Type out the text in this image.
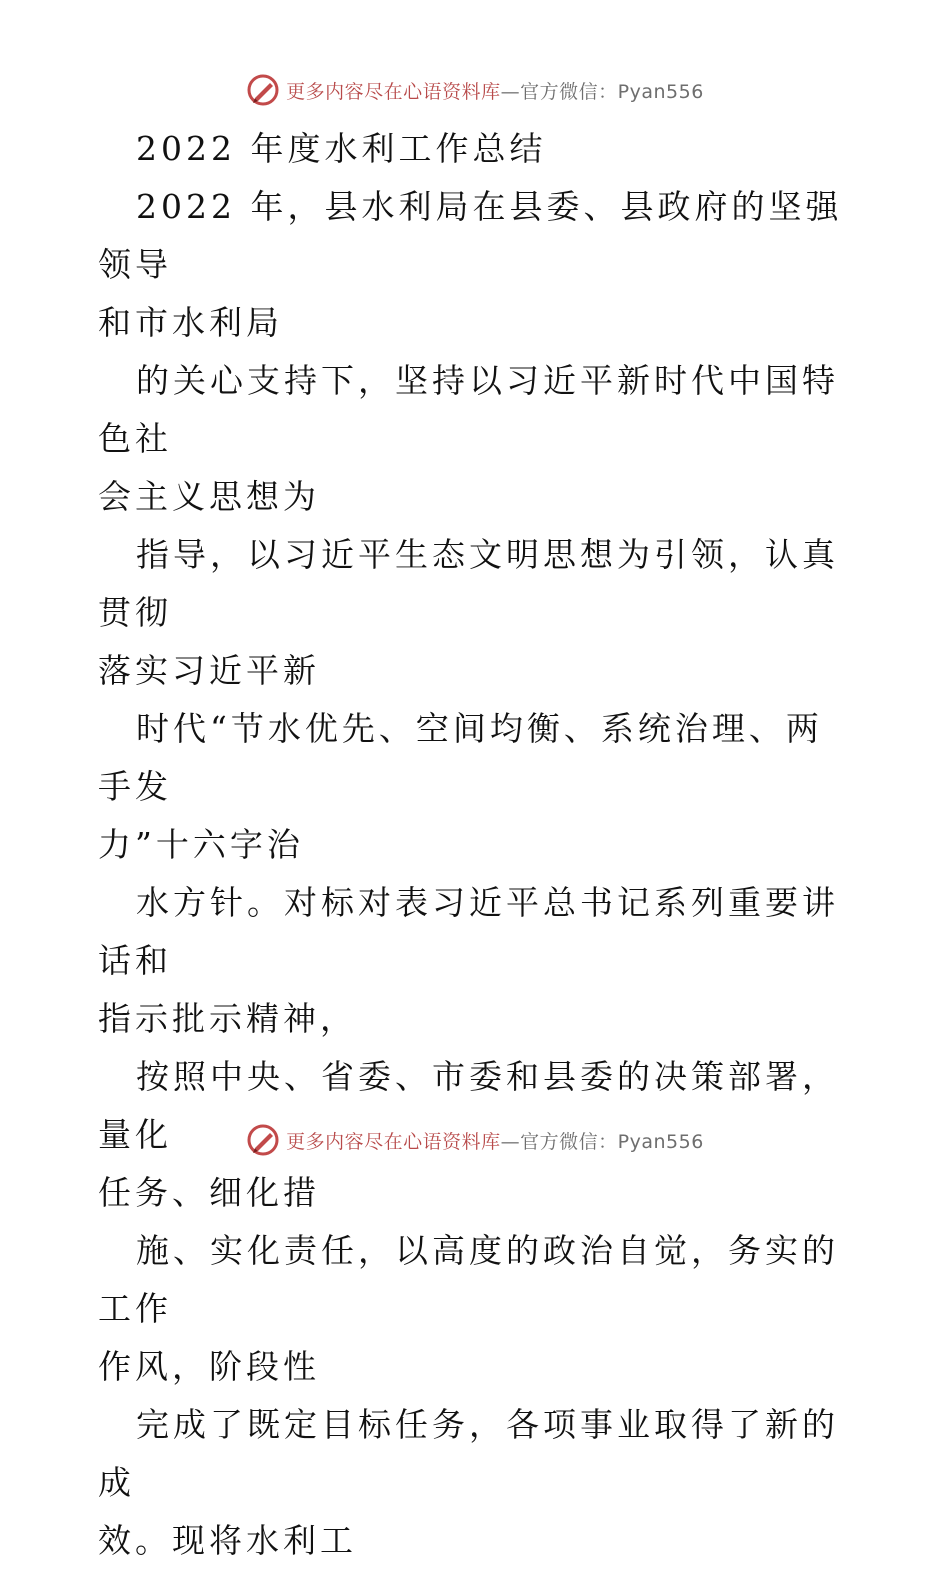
更多内容尽在心语资料库—官方微信：Pyan556

2022 年度水利工作总结

2022 年，县水利局在县委、县政府的坚强领导

和市水利局

的关心支持下，坚持以习近平新时代中国特色社

会主义思想为

指导，以习近平生态文明思想为引领，认真贯彻

落实习近平新

时代“节水优先、空间均衡、系统治理、两手发

力”十六字治

水方针。对标对表习近平总书记系列重要讲话和

指示批示精神，

按照中央、省委、市委和县委的决策部署，量化

任务、细化措

施、实化责任，以高度的政治自觉，务实的工作

作风，阶段性

完成了既定目标任务，各项事业取得了新的成

效。现将水利工

更多内容尽在心语资料库—官方微信：Pyan556
